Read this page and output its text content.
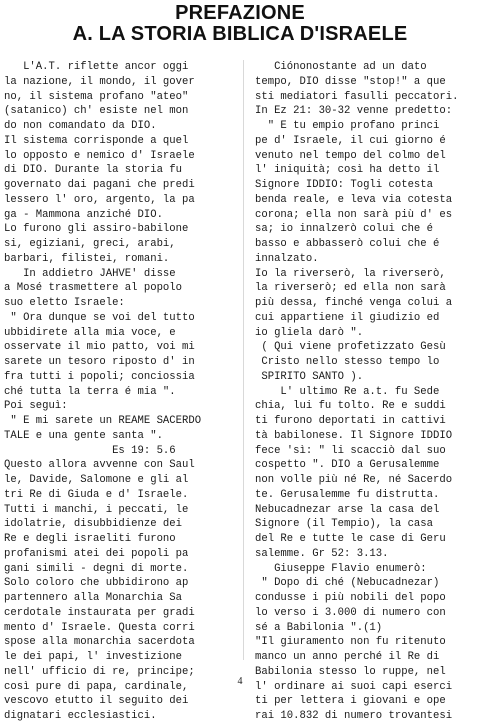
PREFAZIONE
A. LA STORIA BIBLICA D'ISRAELE
L'A.T. riflette ancor oggi
la nazione, il mondo, il gover
no, il sistema profano "ateo"
(satanico) ch' esiste nel mon
do non comandato da DIO.
Il sistema corrisponde a quel
lo opposto e nemico d' Israele
di DIO. Durante la storia fu
governato dai pagani che predi
lessero l' oro, argento, la pa
ga - Mammona anziché DIO.
Lo furono gli assiro-babilone
si, egiziani, greci, arabi,
barbari, filistei, romani.
In addietro JAHVE' disse
a Mosé trasmettere al popolo
suo eletto Israele:
" Ora dunque se voi del tutto
ubbidirete alla mia voce, e
osservate il mio patto, voi mi
sarete un tesoro riposto d' in
fra tutti i popoli; conciossia
ché tutta la terra é mia ".
Poi seguì:
" E mi sarete un REAME SACERDO
TALE e una gente santa ".
Es 19: 5.6
Questo allora avvenne con Saul
le, Davide, Salomone e gli al
tri Re di Giuda e d' Israele.
Tutti i manchi, i peccati, le
idolatrie, disubbidienze dei
Re e degli israeliti furono
profanismi atei dei popoli pa
gani simili - degni di morte.
Solo coloro che ubbidirono ap
partennero alla Monarchia Sa
cerdotale instaurata per gradi
mento d' Israele. Questa corri
spose alla monarchia sacerdota
le dei papi, l' investizione
nell' ufficio di re, principe;
così pure di papa, cardinale,
vescovo etutto il seguito dei
dignatari ecclesiastici.
Ciónonostante ad un dato
tempo, DIO disse "stop!" a que
sti mediatori fasulli peccatori.
In Ez 21: 30-32 venne predetto:
" E tu empio profano princi
pe d' Israele, il cui giorno é
venuto nel tempo del colmo del
l' iniquità; così ha detto il
Signore IDDIO: Togli cotesta
benda reale, e leva via cotesta
corona; ella non sarà più d' es
sa; io innalzerò colui che é
basso e abbasserò colui che é
innalzato.
Io la riverserò, la riverserò,
la riverserò; ed ella non sarà
più dessa, finché venga colui a
cui appartiene il giudizio ed
io gliela darò ".
( Qui viene profetizzato Gesù
Cristo nello stesso tempo lo
SPIRITO SANTO ).
L' ultimo Re a.t. fu Sede
chia, lui fu tolto. Re e suddi
ti furono deportati in cattivi
tà babilonese. Il Signore IDDIO
fece 'sì: " li scacciò dal suo
cospetto ". DIO a Gerusalemme
non volle più né Re, né Sacerdo
te. Gerusalemme fu distrutta.
Nebucadnezar arse la casa del
Signore (il Tempio), la casa
del Re e tutte le case di Geru
salemme. Gr 52: 3.13.
Giuseppe Flavio enumerò:
" Dopo di ché (Nebucadnezar)
condusse i più nobili del popo
lo verso i 3.000 di numero con
sé a Babilonia ".(1)
"Il giuramento non fu ritenuto
manco un anno perché il Re di
Babilonia stesso lo ruppe, nel
l' ordinare ai suoi capi eserci
ti per lettera i giovani e ope
rai 10.832 di numero trovantesi
4
